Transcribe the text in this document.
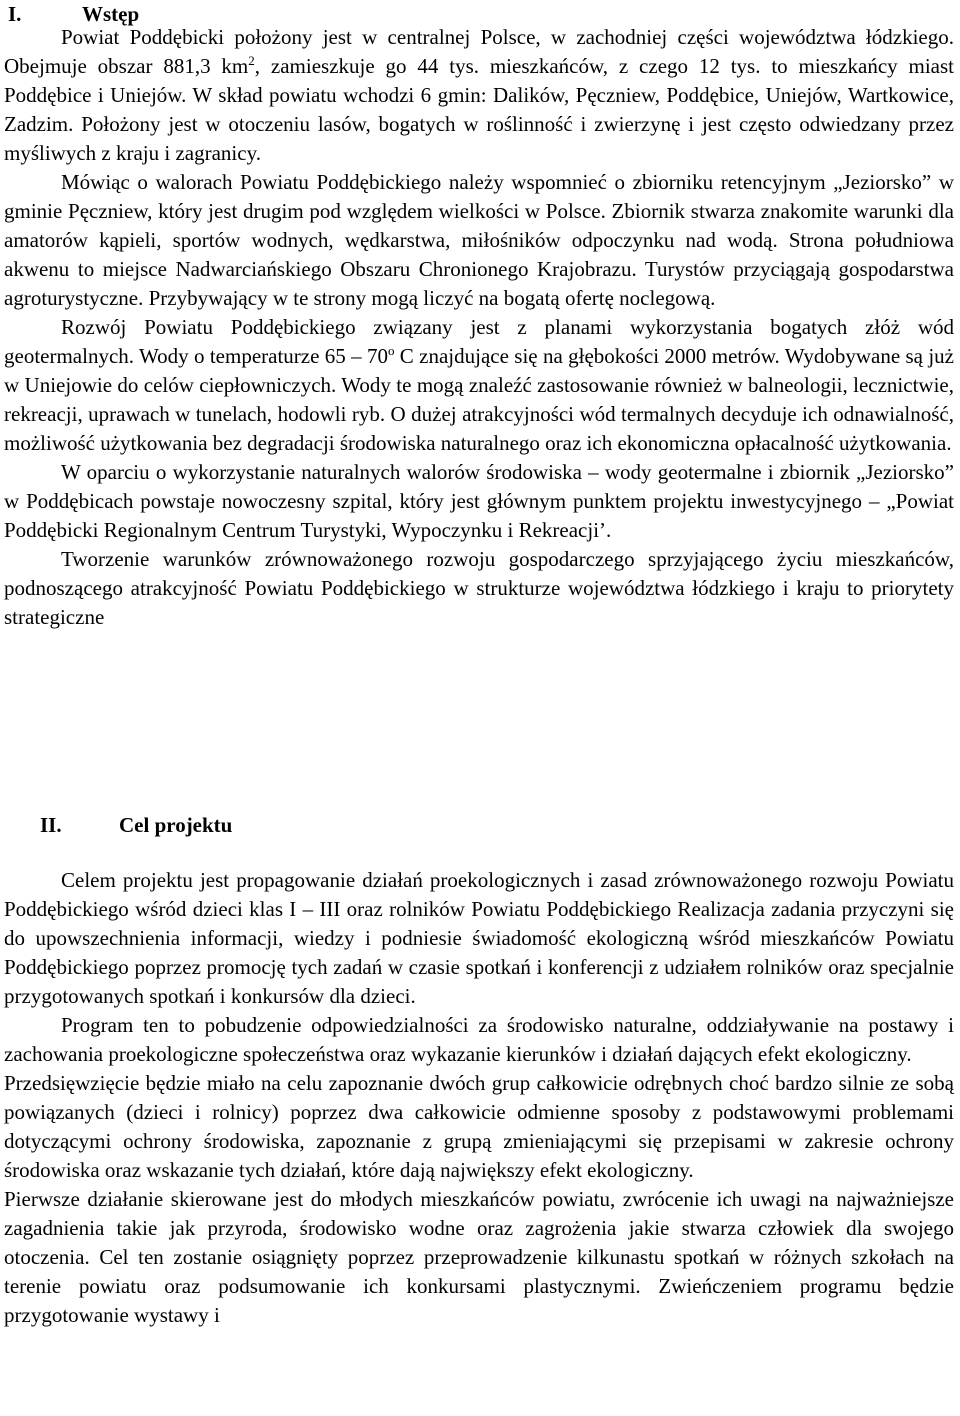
I.	Wstęp

Powiat Poddębicki położony jest w centralnej Polsce, w zachodniej części województwa łódzkiego. Obejmuje obszar 881,3 $km^2$, zamieszkuje go 44 tys. mieszkańców, z czego 12 tys. to mieszkańcy miast Poddębice i Uniejów. W skład powiatu wchodzi 6 gmin: Dalików, Pęczniew, Poddębice, Uniejów, Wartkowice, Zadzim. Położony jest w otoczeniu lasów, bogatych w roślinność i zwierzynę i jest często odwiedzany przez myśliwych z kraju i zagranicy.

Mówiąc o walorach Powiatu Poddębickiego należy wspomnieć o zbiorniku retencyjnym „Jeziorsko” w gminie Pęczniew, który jest drugim pod względem wielkości w Polsce. Zbiornik stwarza znakomite warunki dla amatorów kąpieli, sportów wodnych, wędkarstwa, miłośników odpoczynku nad wodą. Strona południowa akwenu to miejsce Nadwarciańskiego Obszaru Chronionego Krajobrazu. Turystów przyciągają gospodarstwa agroturystyczne. Przybywający w te strony mogą liczyć na bogatą ofertę noclegową.

Rozwój Powiatu Poddębickiego związany jest z planami wykorzystania bogatych złóż wód geotermalnych. Wody o temperaturze 65 – 70$^o$ C znajdujące się na głębokości 2000 metrów. Wydobywane są już w Uniejowie do celów ciepłowniczych. Wody te mogą znaleźć zastosowanie również w balneologii, lecznictwie, rekreacji, uprawach w tunelach, hodowli ryb. O dużej atrakcyjności wód termalnych decyduje ich odnawialność, możliwość użytkowania bez degradacji środowiska naturalnego oraz ich ekonomiczna opłacalność użytkowania.

W oparciu o wykorzystanie naturalnych walorów środowiska – wody geotermalne i zbiornik „Jeziorsko” w Poddębicach powstaje nowoczesny szpital, który jest głównym punktem projektu inwestycyjnego – „Powiat Poddębicki Regionalnym Centrum Turystyki, Wypoczynku i Rekreacji’.

Tworzenie warunków zrównoważonego rozwoju gospodarczego sprzyjającego życiu mieszkańców, podnoszącego atrakcyjność Powiatu Poddębickiego w strukturze województwa łódzkiego i kraju to priorytety strategiczne

II.	Cel projektu

Celem projektu jest propagowanie działań proekologicznych i zasad zrównoważonego rozwoju Powiatu Poddębickiego wśród dzieci klas I – III oraz rolników Powiatu Poddębickiego Realizacja zadania przyczyni się do upowszechnienia informacji, wiedzy i podniesie świadomość ekologiczną wśród mieszkańców Powiatu Poddębickiego poprzez promocję tych zadań w czasie spotkań i konferencji z udziałem rolników oraz specjalnie przygotowanych spotkań i konkursów dla dzieci.

Program ten to pobudzenie odpowiedzialności za środowisko naturalne, oddziaływanie na postawy i zachowania proekologiczne społeczeństwa oraz wykazanie kierunków i działań dających efekt ekologiczny.

Przedsięwzięcie będzie miało na celu zapoznanie dwóch grup całkowicie odrębnych choć bardzo silnie ze sobą powiązanych (dzieci i rolnicy) poprzez dwa całkowicie odmienne sposoby z podstawowymi problemami dotyczącymi ochrony środowiska, zapoznanie z grupą zmieniającymi się przepisami w zakresie ochrony środowiska oraz wskazanie tych działań, które dają największy efekt ekologiczny.

Pierwsze działanie skierowane jest do młodych mieszkańców powiatu, zwrócenie ich uwagi na najważniejsze zagadnienia takie jak przyroda, środowisko wodne oraz zagrożenia jakie stwarza człowiek dla swojego otoczenia. Cel ten zostanie osiągnięty poprzez przeprowadzenie kilkunastu spotkań w różnych szkołach na terenie powiatu oraz podsumowanie ich konkursami plastycznymi. Zwieńczeniem programu będzie przygotowanie wystawy i
